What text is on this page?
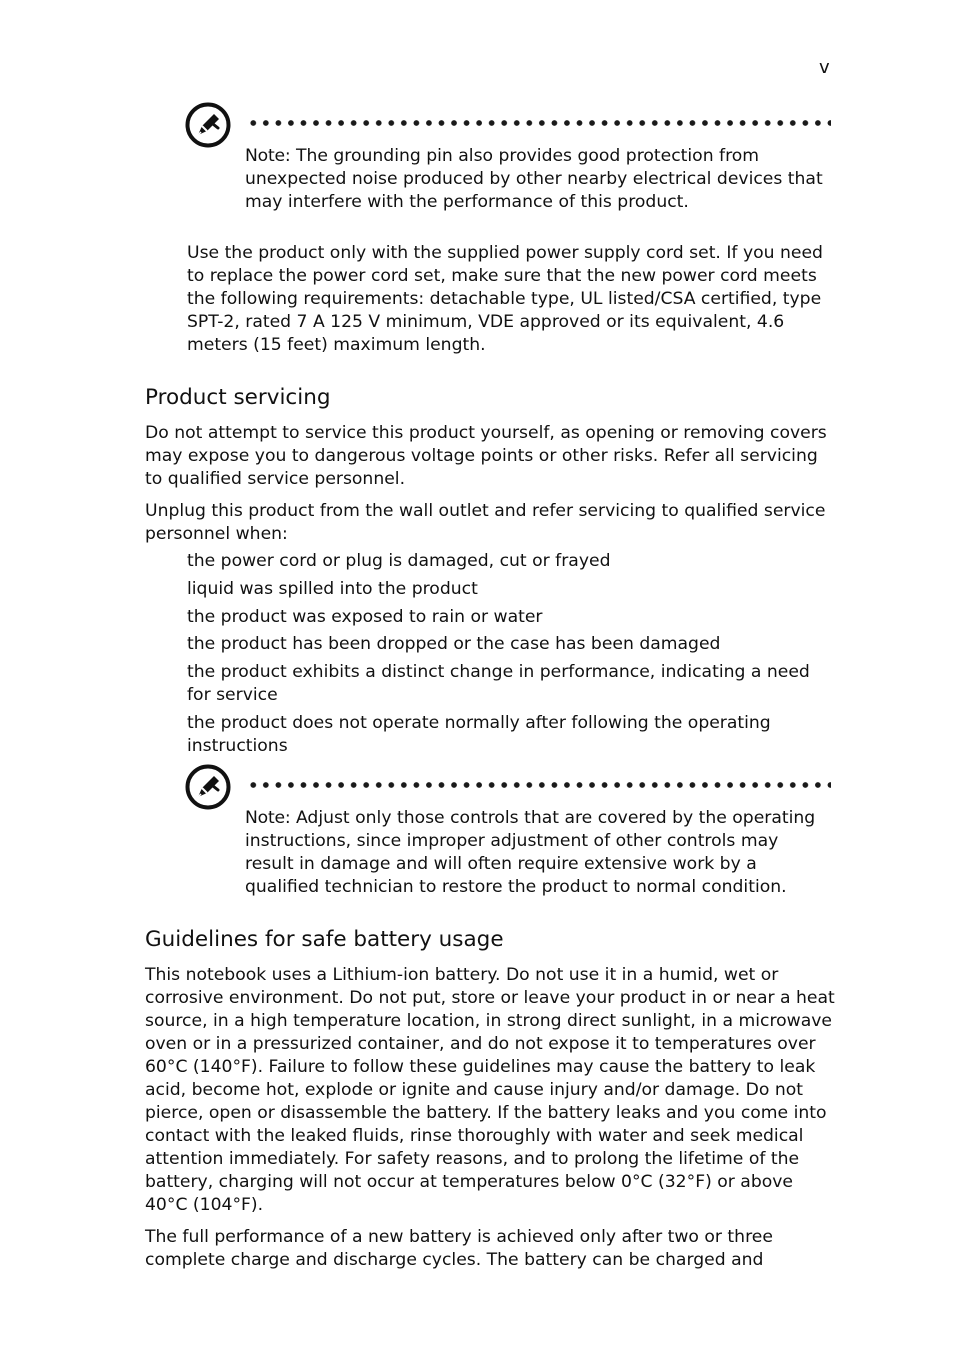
v
Note: The grounding pin also provides good protection from unexpected noise produced by other nearby electrical devices that may interfere with the performance of this product.

Use the product only with the supplied power supply cord set. If you need to replace the power cord set, make sure that the new power cord meets the following requirements: detachable type, UL listed/CSA certified, type SPT-2, rated 7 A 125 V minimum, VDE approved or its equivalent, 4.6 meters (15 feet) maximum length.

Product servicing

Do not attempt to service this product yourself, as opening or removing covers may expose you to dangerous voltage points or other risks. Refer all servicing to qualified service personnel.

Unplug this product from the wall outlet and refer servicing to qualified service personnel when:

the power cord or plug is damaged, cut or frayed
liquid was spilled into the product
the product was exposed to rain or water
the product has been dropped or the case has been damaged
the product exhibits a distinct change in performance, indicating a need for service
the product does not operate normally after following the operating instructions
Note: Adjust only those controls that are covered by the operating instructions, since improper adjustment of other controls may result in damage and will often require extensive work by a qualified technician to restore the product to normal condition.
Guidelines for safe battery usage

This notebook uses a Lithium-ion battery. Do not use it in a humid, wet or corrosive environment. Do not put, store or leave your product in or near a heat source, in a high temperature location, in strong direct sunlight, in a microwave oven or in a pressurized container, and do not expose it to temperatures over 60°C (140°F). Failure to follow these guidelines may cause the battery to leak acid, become hot, explode or ignite and cause injury and/or damage. Do not pierce, open or disassemble the battery. If the battery leaks and you come into contact with the leaked fluids, rinse thoroughly with water and seek medical attention immediately. For safety reasons, and to prolong the lifetime of the battery, charging will not occur at temperatures below 0°C (32°F) or above 40°C (104°F).

The full performance of a new battery is achieved only after two or three complete charge and discharge cycles. The battery can be charged and
